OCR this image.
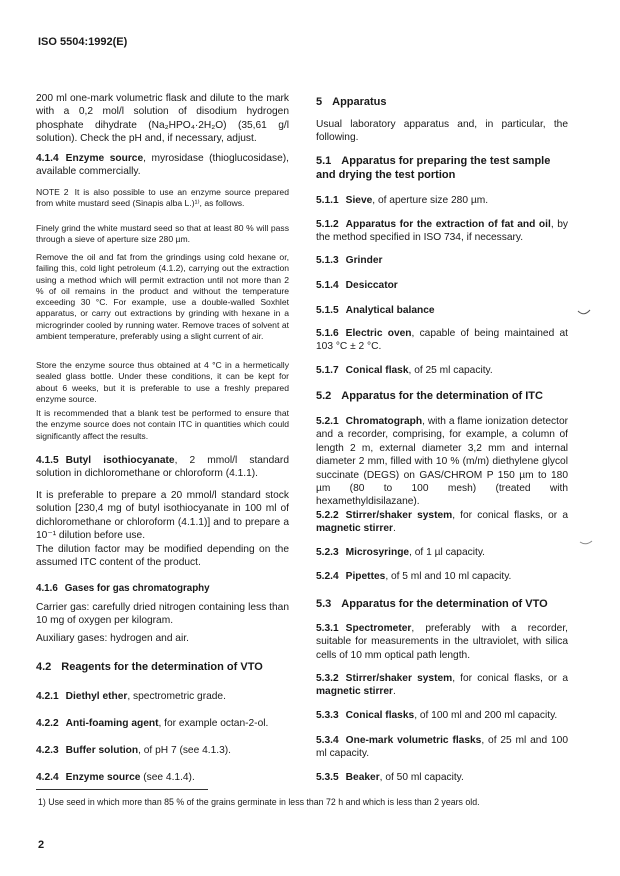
ISO 5504:1992(E)

200 ml one-mark volumetric flask and dilute to the mark with a 0,2 mol/l solution of disodium hydrogen phosphate dihydrate (Na₂HPO₄·2H₂O) (35,61 g/l solution). Check the pH and, if necessary, adjust.

4.1.4 Enzyme source, myrosidase (thioglucosidase), available commercially.

NOTE 2 It is also possible to use an enzyme source prepared from white mustard seed (Sinapis alba L.)¹⁾, as follows.

Finely grind the white mustard seed so that at least 80 % will pass through a sieve of aperture size 280 µm.

Remove the oil and fat from the grindings using cold hexane or, failing this, cold light petroleum (4.1.2), carrying out the extraction using a method which will permit extraction until not more than 2 % of oil remains in the product and without the temperature exceeding 30 °C. For example, use a double-walled Soxhlet apparatus, or carry out extractions by grinding with hexane in a microgrinder cooled by running water. Remove traces of solvent at ambient temperature, preferably using a slight current of air.

Store the enzyme source thus obtained at 4 °C in a hermetically sealed glass bottle. Under these conditions, it can be kept for about 6 weeks, but it is preferable to use a freshly prepared enzyme source.

It is recommended that a blank test be performed to ensure that the enzyme source does not contain ITC in quantities which could significantly affect the results.

4.1.5 Butyl isothiocyanate, 2 mmol/l standard solution in dichloromethane or chloroform (4.1.1).

It is preferable to prepare a 20 mmol/l standard stock solution [230,4 mg of butyl isothiocyanate in 100 ml of dichloromethane or chloroform (4.1.1)] and to prepare a 10⁻¹ dilution before use.

The dilution factor may be modified depending on the assumed ITC content of the product.

4.1.6 Gases for gas chromatography

Carrier gas: carefully dried nitrogen containing less than 10 mg of oxygen per kilogram.

Auxiliary gases: hydrogen and air.

4.2 Reagents for the determination of VTO

4.2.1 Diethyl ether, spectrometric grade.

4.2.2 Anti-foaming agent, for example octan-2-ol.

4.2.3 Buffer solution, of pH 7 (see 4.1.3).

4.2.4 Enzyme source (see 4.1.4).

5 Apparatus

Usual laboratory apparatus and, in particular, the following.

5.1 Apparatus for preparing the test sample and drying the test portion

5.1.1 Sieve, of aperture size 280 µm.

5.1.2 Apparatus for the extraction of fat and oil, by the method specified in ISO 734, if necessary.

5.1.3 Grinder

5.1.4 Desiccator

5.1.5 Analytical balance

5.1.6 Electric oven, capable of being maintained at 103 °C ± 2 °C.

5.1.7 Conical flask, of 25 ml capacity.

5.2 Apparatus for the determination of ITC

5.2.1 Chromatograph, with a flame ionization detector and a recorder, comprising, for example, a column of length 2 m, external diameter 3,2 mm and internal diameter 2 mm, filled with 10 % (m/m) diethylene glycol succinate (DEGS) on GAS/CHROM P 150 µm to 180 µm (80 to 100 mesh) (treated with hexamethyldisilazane).

5.2.2 Stirrer/shaker system, for conical flasks, or a magnetic stirrer.

5.2.3 Microsyringe, of 1 µl capacity.

5.2.4 Pipettes, of 5 ml and 10 ml capacity.

5.3 Apparatus for the determination of VTO

5.3.1 Spectrometer, preferably with a recorder, suitable for measurements in the ultraviolet, with silica cells of 10 mm optical path length.

5.3.2 Stirrer/shaker system, for conical flasks, or a magnetic stirrer.

5.3.3 Conical flasks, of 100 ml and 200 ml capacity.

5.3.4 One-mark volumetric flasks, of 25 ml and 100 ml capacity.

5.3.5 Beaker, of 50 ml capacity.

1) Use seed in which more than 85 % of the grains germinate in less than 72 h and which is less than 2 years old.
2
